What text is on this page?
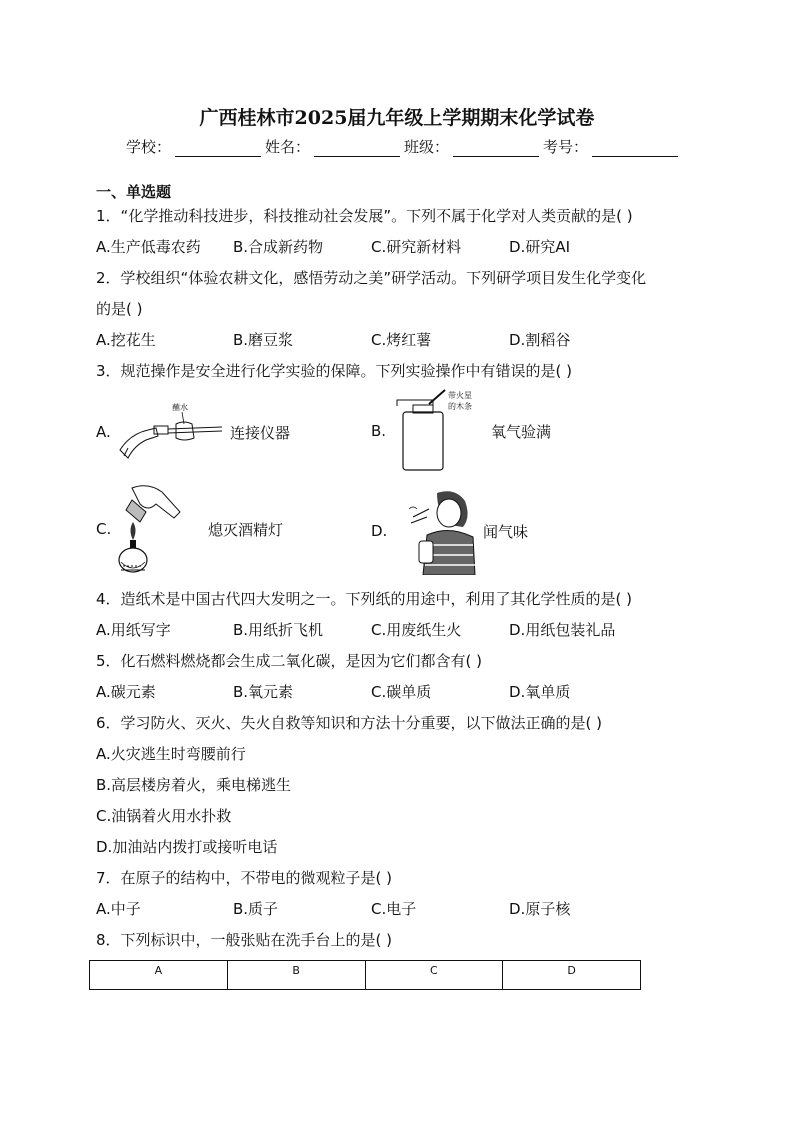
广西桂林市2025届九年级上学期期末化学试卷
学校：	姓名：	班级：	考号：
一、单选题
1．“化学推动科技进步，科技推动社会发展”。下列不属于化学对人类贡献的是( )
A.生产低毒农药 B.合成新药物	C.研究新材料	D.研究AI
2．学校组织“体验农耕文化，感悟劳动之美”研学活动。下列研学项目发生化学变化
的是( )
A.挖花生	B.磨豆浆	C.烤红薯	D.割稻谷
3．规范操作是安全进行化学实验的保障。下列实验操作中有错误的是( )
A.
蘸水
连接仪器	B.
带火星
的木条
氧气验满
C.	熄灭酒精灯	D.	闻气味
4．造纸术是中国古代四大发明之一。下列纸的用途中，利用了其化学性质的是( )
A.用纸写字	B.用纸折飞机	C.用废纸生火	D.用纸包装礼品
5．化石燃料燃烧都会生成二氧化碳，是因为它们都含有( )
A.碳元素	B.氧元素	C.碳单质	D.氧单质
6．学习防火、灭火、失火自救等知识和方法十分重要，以下做法正确的是( )
A.火灾逃生时弯腰前行
B.高层楼房着火，乘电梯逃生
C.油锅着火用水扑救
D.加油站内拨打或接听电话
7．在原子的结构中，不带电的微观粒子是( )
A.中子	B.质子	C.电子	D.原子核
8．下列标识中，一般张贴在洗手台上的是( )
A	B	C	D
